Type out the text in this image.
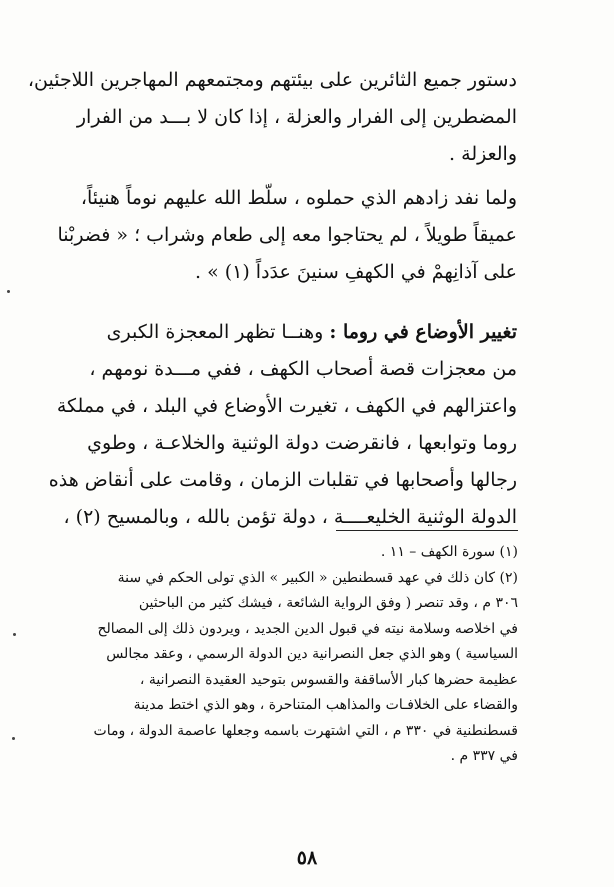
دستور جميع الثائرين على بيئتهم ومجتمعهم المهاجرين اللاجئين،
المضطرين إلى الفرار والعزلة ، إذا كان لا بـــد من الفرار
والعزلة .
ولما نفد زادهم الذي حملوه ، سلّط الله عليهم نوماً هنيئاً،
عميقاً طويلاً ، لم يحتاجوا معه إلى طعام وشراب ؛ « فضربْنا
على آذانِهمْ في الكهفِ سنينَ عدَداً (١) » .
تغيير الأوضاع في روما : وهنــا تظهر المعجزة الكبرى
من معجزات قصة أصحاب الكهف ، ففي مـــدة نومهم ،
واعتزالهم في الكهف ، تغيرت الأوضاع في البلد ، في مملكة
روما وتوابعها ، فانقرضت دولة الوثنية والخلاعـة ، وطوي
رجالها وأصحابها في تقلبات الزمان ، وقامت على أنقاض هذه
الدولة الوثنية الخليعــــة ، دولة تؤمن بالله ، وبالمسيح (٢) ،
(١) سورة الكهف – ١١ .
(٢) كان ذلك في عهد قسطنطين « الكبير » الذي تولى الحكم في سنة
٣٠٦ م ، وقد تنصر ( وفق الرواية الشائعة ، فيشك كثير من الباحثين
في اخلاصه وسلامة نيته في قبول الدين الجديد ، ويردون ذلك إلى المصالح
السياسية ) وهو الذي جعل النصرانية دين الدولة الرسمي ، وعقد مجالس
عظيمة حضرها كبار الأساقفة والقسوس بتوحيد العقيدة النصرانية ،
والقضاء على الخلافـات والمذاهب المتناحرة ، وهو الذي اختط مدينة
قسطنطنية في ٣٣٠ م ، التي اشتهرت باسمه وجعلها عاصمة الدولة ، ومات
في ٣٣٧ م .
٥٨
